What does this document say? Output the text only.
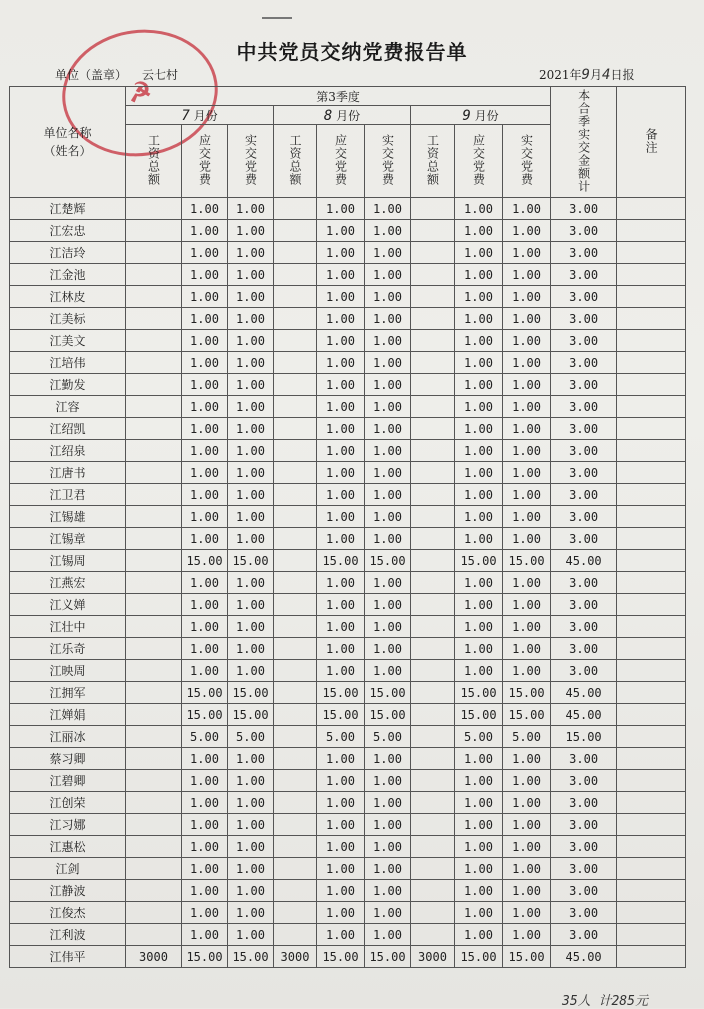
☭
中共党员交纳党费报告单
单位（盖章） 云七村	2021年9月4日报
单位名称
（姓名）	第3季度									本合季实交金额计	备注
	7 月份			8 月份			9 月份				
	工资总额	应交党费	实交党费	工资总额	应交党费	实交党费	工资总额	应交党费	实交党费		
江楚辉		1.00	1.00		1.00	1.00		1.00	1.00	3.00	
江宏忠		1.00	1.00		1.00	1.00		1.00	1.00	3.00	
江洁玲		1.00	1.00		1.00	1.00		1.00	1.00	3.00	
江金池		1.00	1.00		1.00	1.00		1.00	1.00	3.00	
江林皮		1.00	1.00		1.00	1.00		1.00	1.00	3.00	
江美标		1.00	1.00		1.00	1.00		1.00	1.00	3.00	
江美文		1.00	1.00		1.00	1.00		1.00	1.00	3.00	
江培伟		1.00	1.00		1.00	1.00		1.00	1.00	3.00	
江勤发		1.00	1.00		1.00	1.00		1.00	1.00	3.00	
江容		1.00	1.00		1.00	1.00		1.00	1.00	3.00	
江绍凯		1.00	1.00		1.00	1.00		1.00	1.00	3.00	
江绍泉		1.00	1.00		1.00	1.00		1.00	1.00	3.00	
江唐书		1.00	1.00		1.00	1.00		1.00	1.00	3.00	
江卫君		1.00	1.00		1.00	1.00		1.00	1.00	3.00	
江锡雄		1.00	1.00		1.00	1.00		1.00	1.00	3.00	
江锡章		1.00	1.00		1.00	1.00		1.00	1.00	3.00	
江锡周		15.00	15.00		15.00	15.00		15.00	15.00	45.00	
江燕宏		1.00	1.00		1.00	1.00		1.00	1.00	3.00	
江义婵		1.00	1.00		1.00	1.00		1.00	1.00	3.00	
江壮中		1.00	1.00		1.00	1.00		1.00	1.00	3.00	
江乐奇		1.00	1.00		1.00	1.00		1.00	1.00	3.00	
江映周		1.00	1.00		1.00	1.00		1.00	1.00	3.00	
江拥军		15.00	15.00		15.00	15.00		15.00	15.00	45.00	
江婵娟		15.00	15.00		15.00	15.00		15.00	15.00	45.00	
江丽冰		5.00	5.00		5.00	5.00		5.00	5.00	15.00	
蔡习卿		1.00	1.00		1.00	1.00		1.00	1.00	3.00	
江碧卿		1.00	1.00		1.00	1.00		1.00	1.00	3.00	
江创荣		1.00	1.00		1.00	1.00		1.00	1.00	3.00	
江习娜		1.00	1.00		1.00	1.00		1.00	1.00	3.00	
江惠松		1.00	1.00		1.00	1.00		1.00	1.00	3.00	
江剑		1.00	1.00		1.00	1.00		1.00	1.00	3.00	
江静波		1.00	1.00		1.00	1.00		1.00	1.00	3.00	
江俊杰		1.00	1.00		1.00	1.00		1.00	1.00	3.00	
江利波		1.00	1.00		1.00	1.00		1.00	1.00	3.00	
江伟平	3000	15.00	15.00	3000	15.00	15.00	3000	15.00	15.00	45.00	
35人 计285元
